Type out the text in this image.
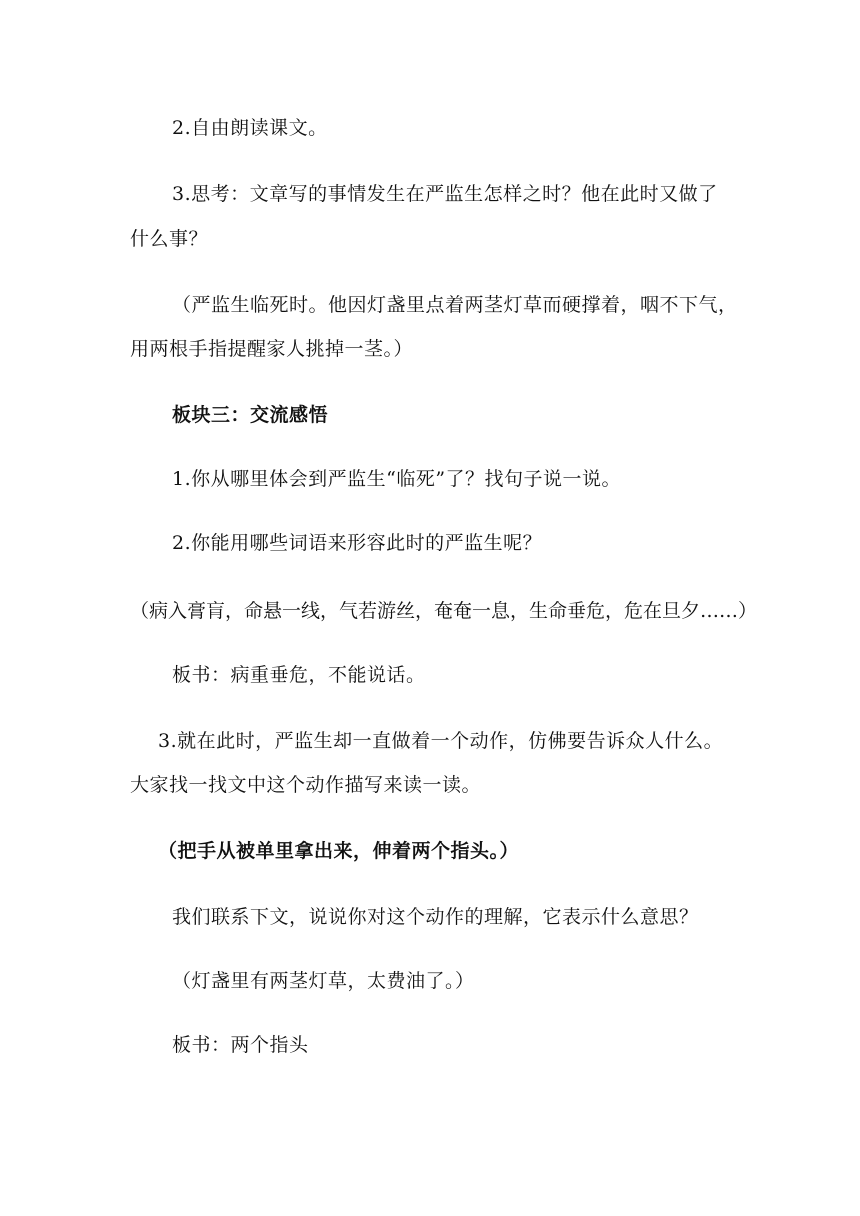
2.自由朗读课文。
3.思考：文章写的事情发生在严监生怎样之时？他在此时又做了
什么事？
（严监生临死时。他因灯盏里点着两茎灯草而硬撑着，咽不下气，
用两根手指提醒家人挑掉一茎。）
板块三：交流感悟
1.你从哪里体会到严监生“临死”了？找句子说一说。
2.你能用哪些词语来形容此时的严监生呢？
（病入膏肓，命悬一线，气若游丝，奄奄一息，生命垂危，危在旦夕……）
板书：病重垂危，不能说话。
3.就在此时，严监生却一直做着一个动作，仿佛要告诉众人什么。
大家找一找文中这个动作描写来读一读。
（把手从被单里拿出来，伸着两个指头。）
我们联系下文，说说你对这个动作的理解，它表示什么意思？
（灯盏里有两茎灯草，太费油了。）
板书：两个指头
